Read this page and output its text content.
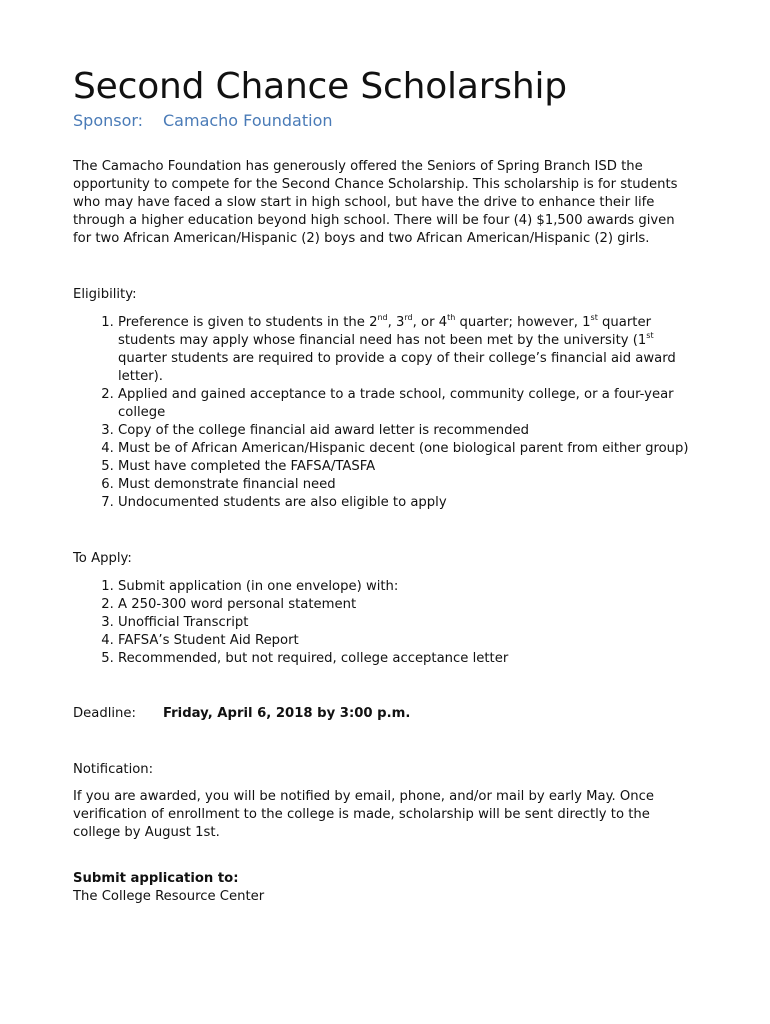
Second Chance Scholarship
Sponsor: Camacho Foundation

The Camacho Foundation has generously offered the Seniors of Spring Branch ISD the opportunity to compete for the Second Chance Scholarship. This scholarship is for students who may have faced a slow start in high school, but have the drive to enhance their life through a higher education beyond high school. There will be four (4) $1,500 awards given for two African American/Hispanic (2) boys and two African American/Hispanic (2) girls.

Eligibility:

1. Preference is given to students in the 2nd, 3rd, or 4th quarter; however, 1st quarter students may apply whose financial need has not been met by the university (1st quarter students are required to provide a copy of their college’s financial aid award letter).
2. Applied and gained acceptance to a trade school, community college, or a four-year college
3. Copy of the college financial aid award letter is recommended
4. Must be of African American/Hispanic decent (one biological parent from either group)
5. Must have completed the FAFSA/TASFA
6. Must demonstrate financial need
7. Undocumented students are also eligible to apply

To Apply:

1. Submit application (in one envelope) with:
2. A 250-300 word personal statement
3. Unofficial Transcript
4. FAFSA’s Student Aid Report
5. Recommended, but not required, college acceptance letter
Deadline: Friday, April 6, 2018 by 3:00 p.m.

Notification:

If you are awarded, you will be notified by email, phone, and/or mail by early May. Once verification of enrollment to the college is made, scholarship will be sent directly to the college by August 1st.

Submit application to:

The College Resource Center
